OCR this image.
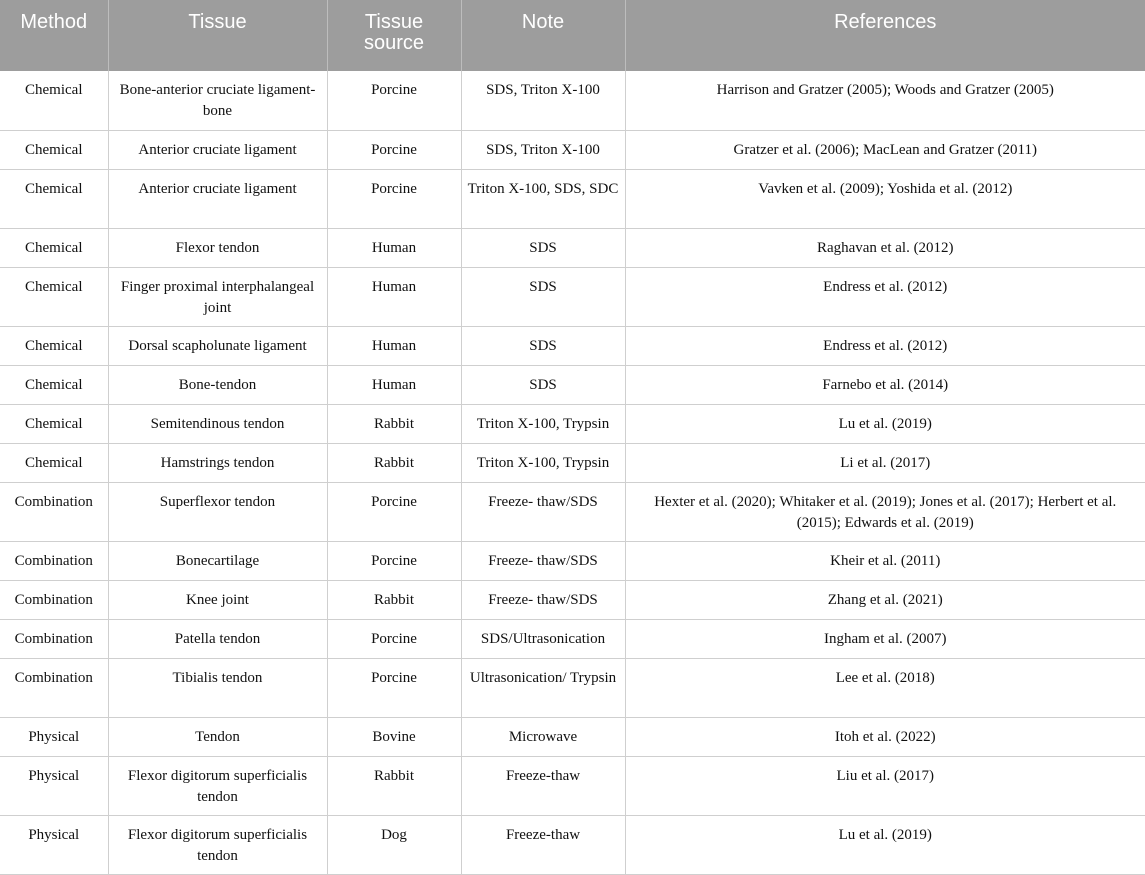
Method	Tissue	Tissue source	Note	References
Chemical	Bone-anterior cruciate ligament-bone	Porcine	SDS, Triton X-100	Harrison and Gratzer (2005); Woods and Gratzer (2005)
Chemical	Anterior cruciate ligament	Porcine	SDS, Triton X-100	Gratzer et al. (2006); MacLean and Gratzer (2011)
Chemical	Anterior cruciate ligament	Porcine	Triton X-100, SDS, SDC	Vavken et al. (2009); Yoshida et al. (2012)
Chemical	Flexor tendon	Human	SDS	Raghavan et al. (2012)
Chemical	Finger proximal interphalangeal joint	Human	SDS	Endress et al. (2012)
Chemical	Dorsal scapholunate ligament	Human	SDS	Endress et al. (2012)
Chemical	Bone-tendon	Human	SDS	Farnebo et al. (2014)
Chemical	Semitendinous tendon	Rabbit	Triton X-100, Trypsin	Lu et al. (2019)
Chemical	Hamstrings tendon	Rabbit	Triton X-100, Trypsin	Li et al. (2017)
Combination	Superflexor tendon	Porcine	Freeze- thaw/SDS	Hexter et al. (2020); Whitaker et al. (2019); Jones et al. (2017); Herbert et al. (2015); Edwards et al. (2019)
Combination	Bonecartilage	Porcine	Freeze- thaw/SDS	Kheir et al. (2011)
Combination	Knee joint	Rabbit	Freeze- thaw/SDS	Zhang et al. (2021)
Combination	Patella tendon	Porcine	SDS/Ultrasonication	Ingham et al. (2007)
Combination	Tibialis tendon	Porcine	Ultrasonication/ Trypsin	Lee et al. (2018)
Physical	Tendon	Bovine	Microwave	Itoh et al. (2022)
Physical	Flexor digitorum superficialis tendon	Rabbit	Freeze-thaw	Liu et al. (2017)
Physical	Flexor digitorum superficialis tendon	Dog	Freeze-thaw	Lu et al. (2019)
